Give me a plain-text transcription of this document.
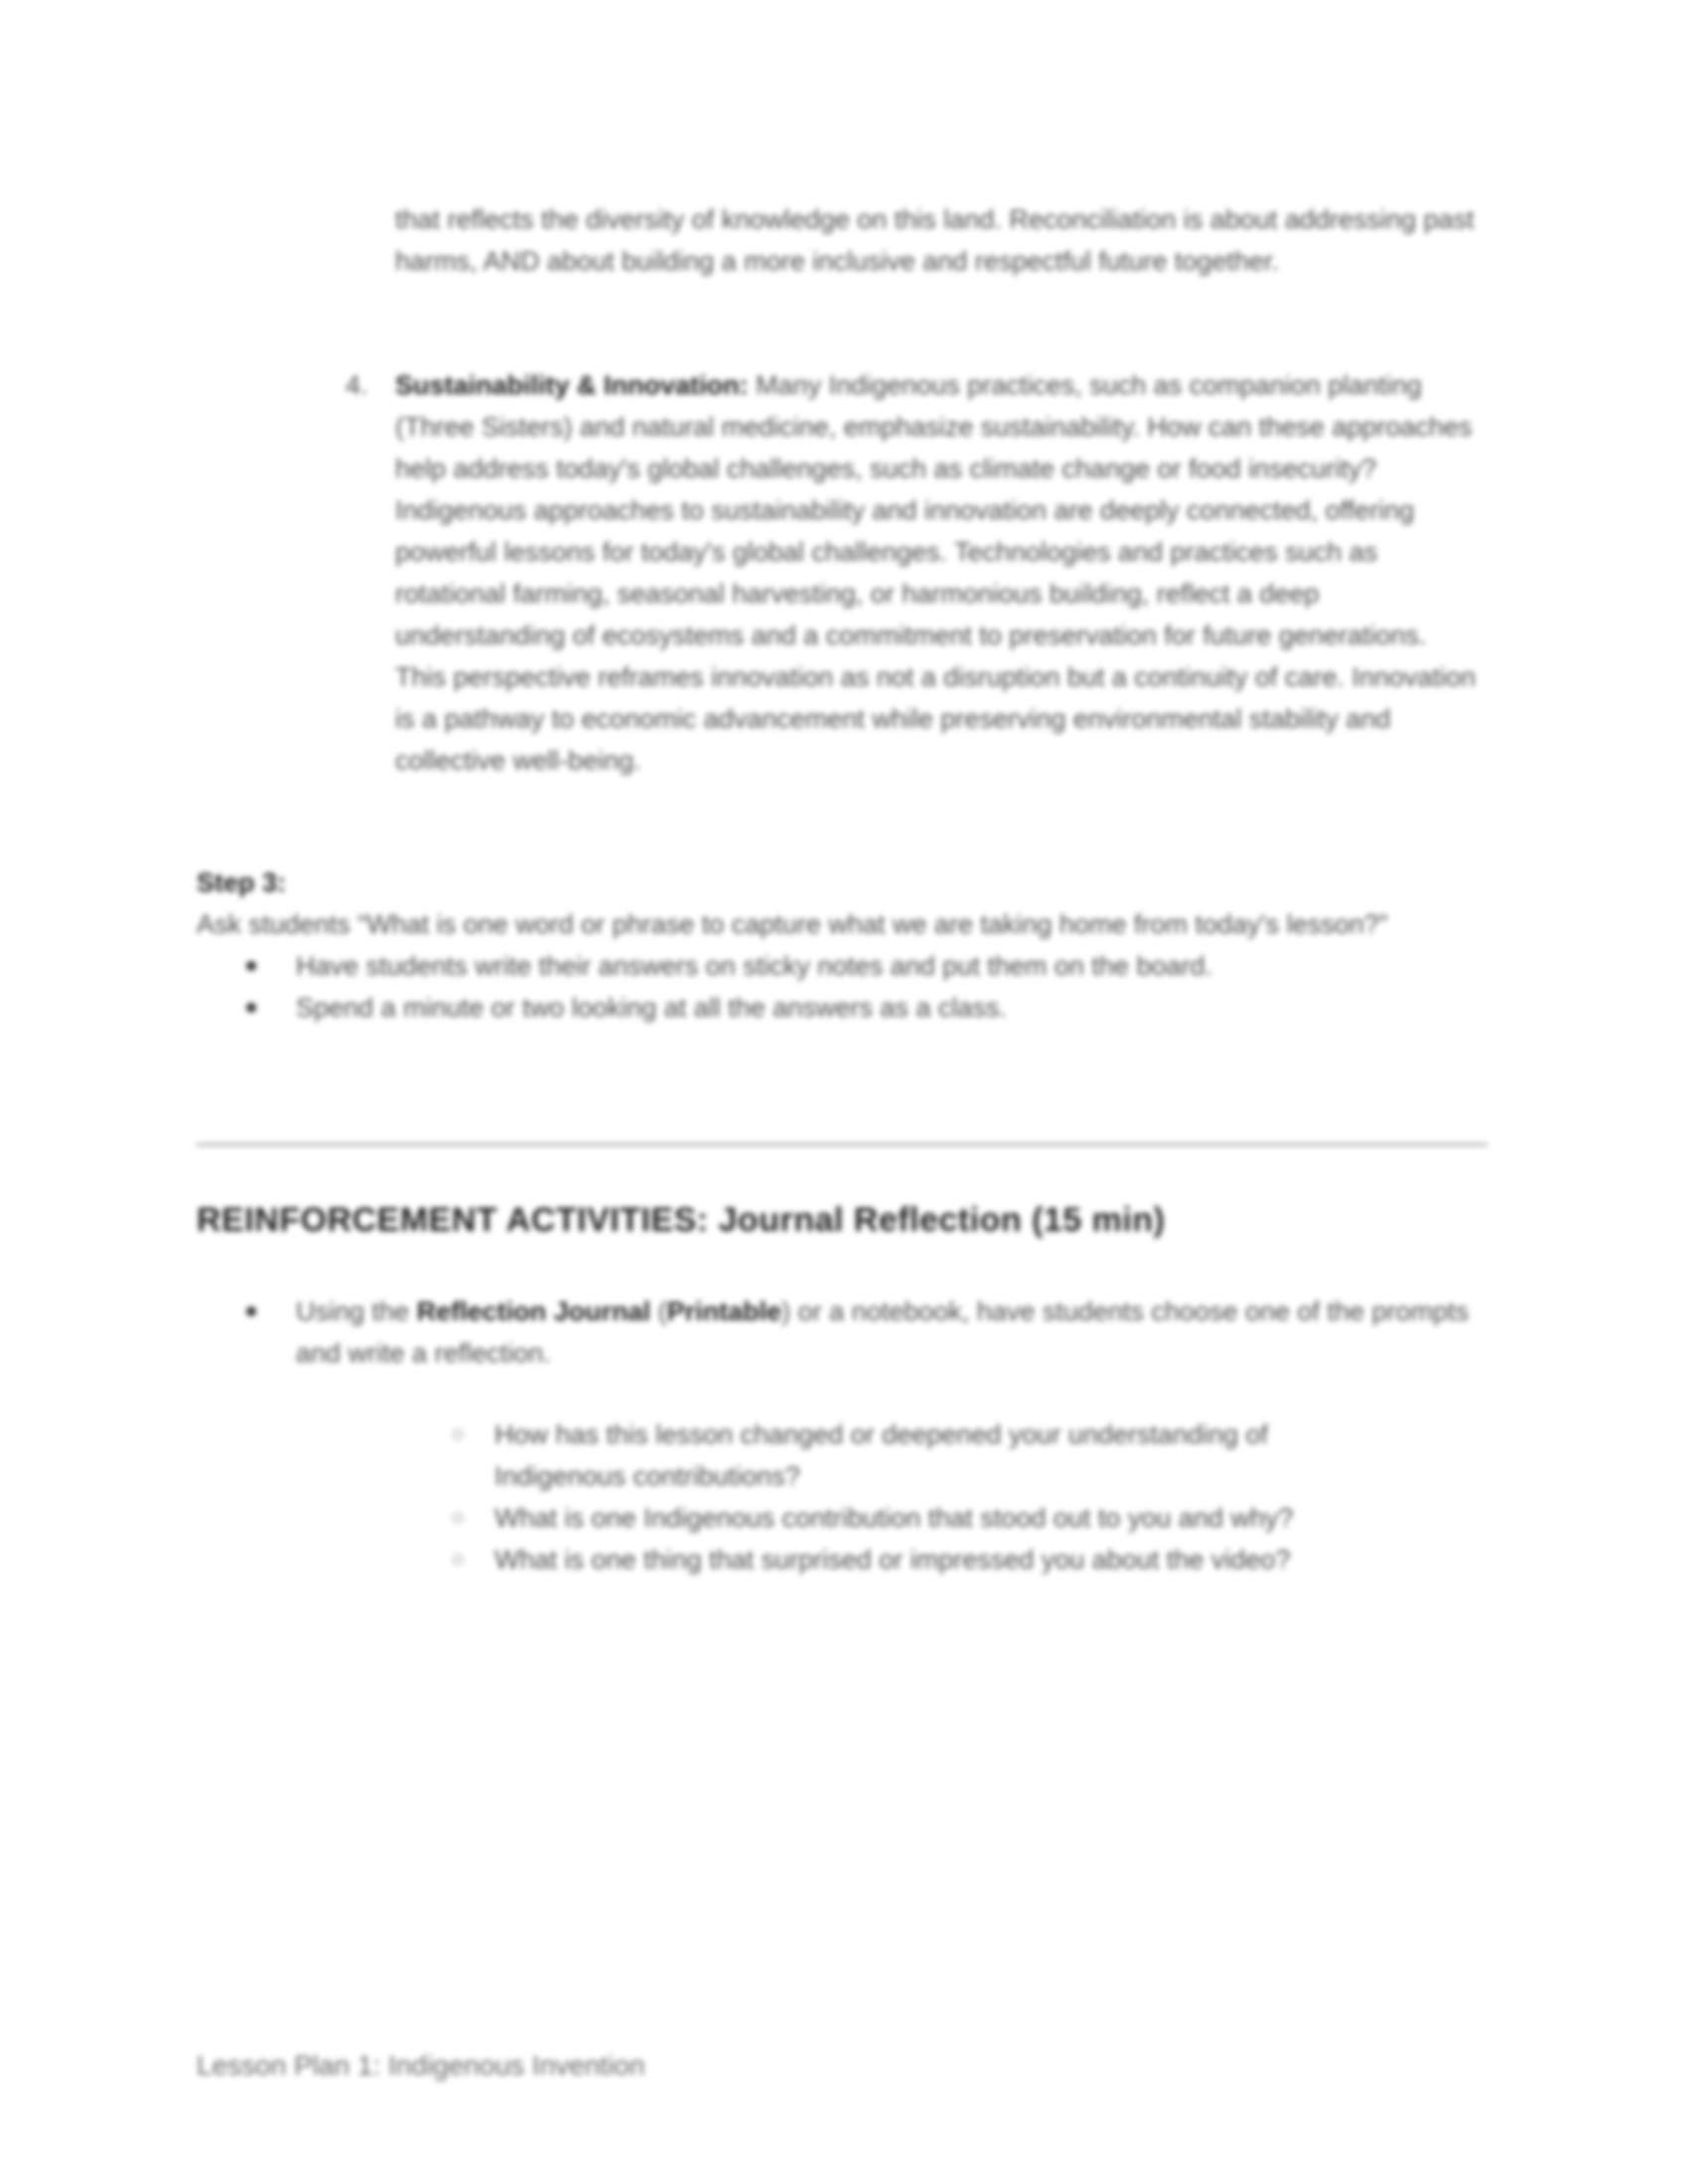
that reflects the diversity of knowledge on this land. Reconciliation is about addressing past harms, AND about building a more inclusive and respectful future together.
4.	Sustainability & Innovation: Many Indigenous practices, such as companion planting (Three Sisters) and natural medicine, emphasize sustainability. How can these approaches help address today's global challenges, such as climate change or food insecurity? Indigenous approaches to sustainability and innovation are deeply connected, offering powerful lessons for today's global challenges. Technologies and practices such as rotational farming, seasonal harvesting, or harmonious building, reflect a deep understanding of ecosystems and a commitment to preservation for future generations. This perspective reframes innovation as not a disruption but a continuity of care. Innovation is a pathway to economic advancement while preserving environmental stability and collective well-being.
Step 3:
Ask students “What is one word or phrase to capture what we are taking home from today's lesson?”
Have students write their answers on sticky notes and put them on the board.
Spend a minute or two looking at all the answers as a class.
REINFORCEMENT ACTIVITIES: Journal Reflection (15 min)
Using the Reflection Journal (Printable) or a notebook, have students choose one of the prompts and write a reflection.
How has this lesson changed or deepened your understanding of Indigenous contributions?
What is one Indigenous contribution that stood out to you and why?
What is one thing that surprised or impressed you about the video?
Lesson Plan 1: Indigenous Invention
